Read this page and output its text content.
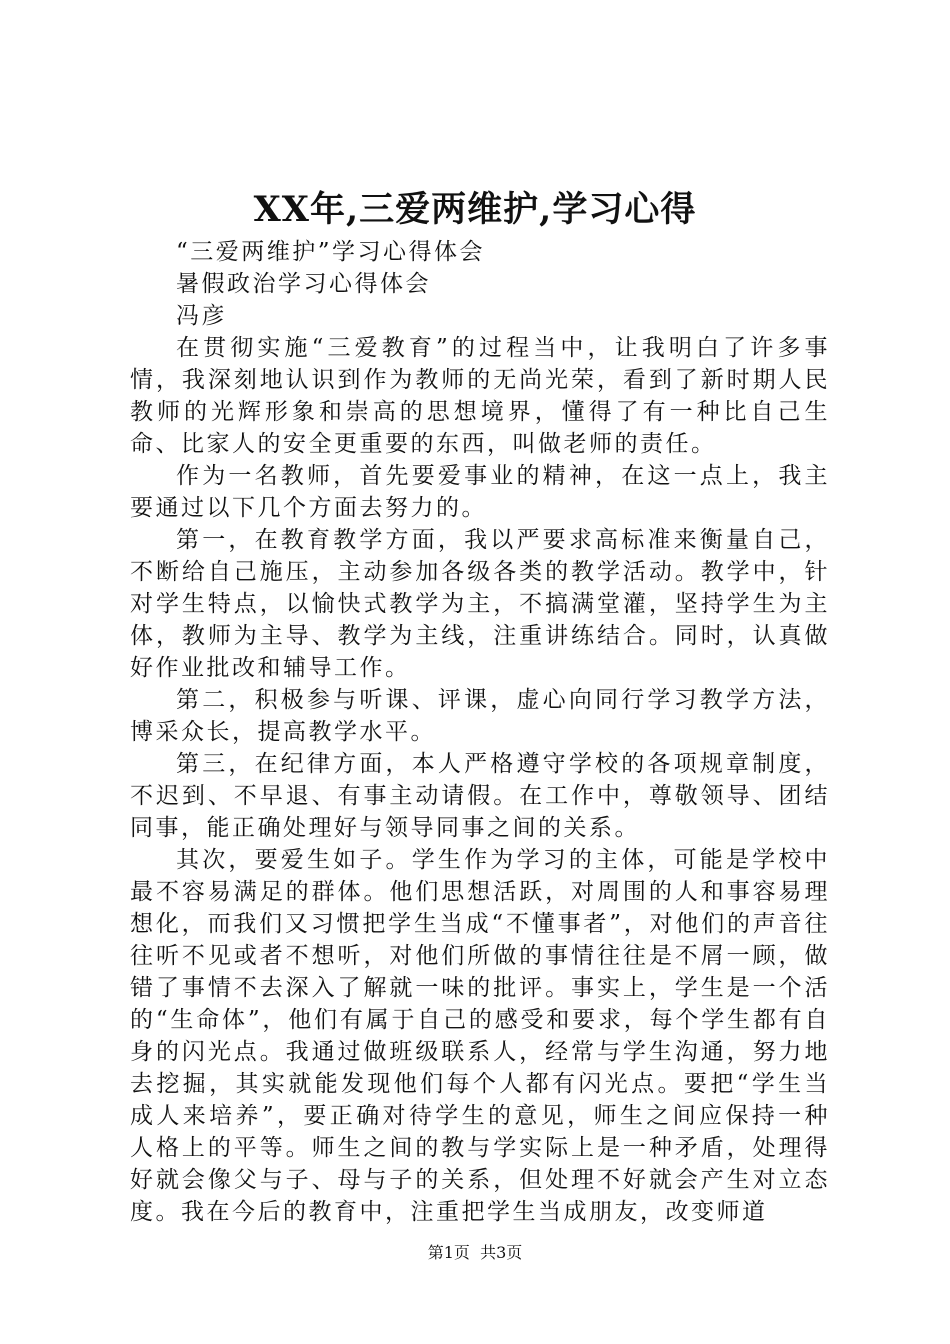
XX年,三爱两维护,学习心得

“三爱两维护”学习心得体会

暑假政治学习心得体会

冯彦

在贯彻实施“三爱教育”的过程当中，让我明白了许多事情，我深刻地认识到作为教师的无尚光荣，看到了新时期人民教师的光辉形象和崇高的思想境界，懂得了有一种比自己生命、比家人的安全更重要的东西，叫做老师的责任。

作为一名教师，首先要爱事业的精神，在这一点上，我主要通过以下几个方面去努力的。

第一，在教育教学方面，我以严要求高标准来衡量自己，不断给自己施压，主动参加各级各类的教学活动。教学中，针对学生特点，以愉快式教学为主，不搞满堂灌，坚持学生为主体，教师为主导、教学为主线，注重讲练结合。同时，认真做好作业批改和辅导工作。

第二，积极参与听课、评课，虚心向同行学习教学方法，博采众长，提高教学水平。

第三，在纪律方面，本人严格遵守学校的各项规章制度，不迟到、不早退、有事主动请假。在工作中，尊敬领导、团结同事，能正确处理好与领导同事之间的关系。

其次，要爱生如子。学生作为学习的主体，可能是学校中最不容易满足的群体。他们思想活跃，对周围的人和事容易理想化，而我们又习惯把学生当成“不懂事者”，对他们的声音往往听不见或者不想听，对他们所做的事情往往是不屑一顾，做错了事情不去深入了解就一味的批评。事实上，学生是一个活的“生命体”，他们有属于自己的感受和要求，每个学生都有自身的闪光点。我通过做班级联系人，经常与学生沟通，努力地去挖掘，其实就能发现他们每个人都有闪光点。要把“学生当成人来培养”，要正确对待学生的意见，师生之间应保持一种人格上的平等。师生之间的教与学实际上是一种矛盾，处理得好就会像父与子、母与子的关系，但处理不好就会产生对立态度。我在今后的教育中，注重把学生当成朋友，改变师道

第1页 共3页
